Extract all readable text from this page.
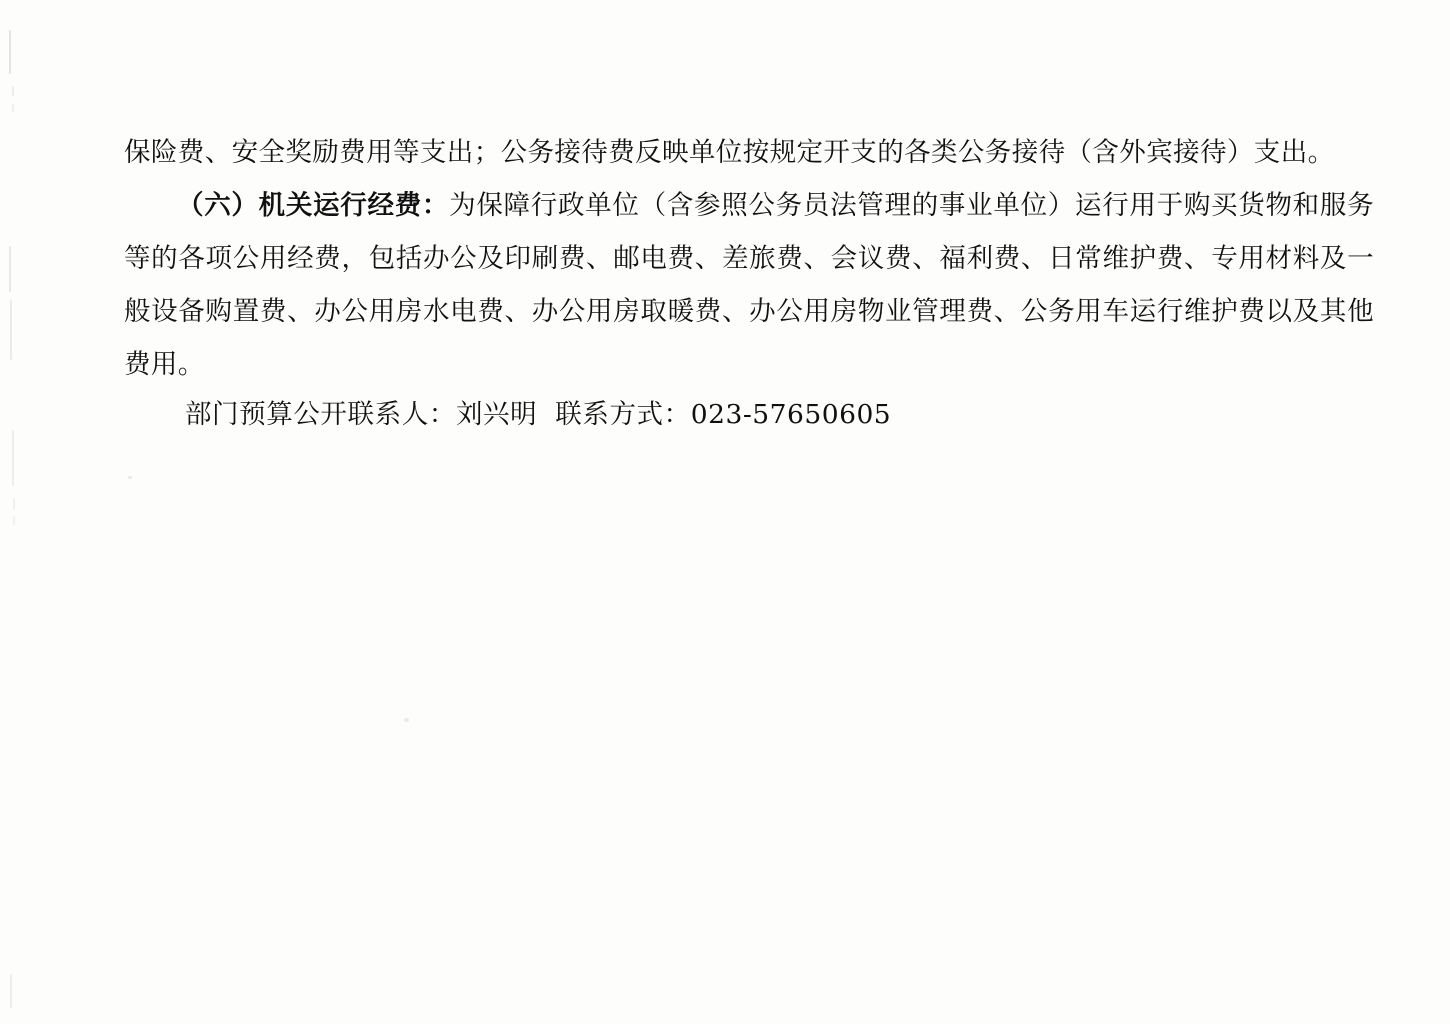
保险费、安全奖励费用等支出；公务接待费反映单位按规定开支的各类公务接待（含外宾接待）支出。

（六）机关运行经费：为保障行政单位（含参照公务员法管理的事业单位）运行用于购买货物和服务等的各项公用经费，包括办公及印刷费、邮电费、差旅费、会议费、福利费、日常维护费、专用材料及一般设备购置费、办公用房水电费、办公用房取暖费、办公用房物业管理费、公务用车运行维护费以及其他费用。

部门预算公开联系人：刘兴明 联系方式：023-57650605
